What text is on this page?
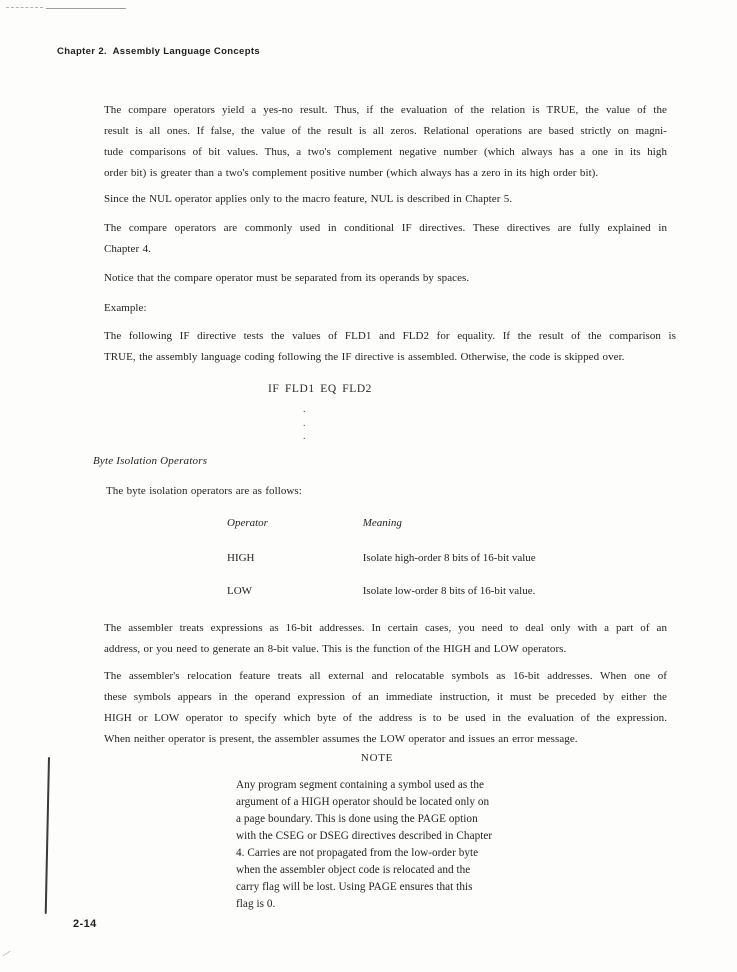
Chapter 2.  Assembly Language Concepts
The compare operators yield a yes-no result. Thus, if the evaluation of the relation is TRUE, the value of the
result is all ones. If false, the value of the result is all zeros. Relational operations are based strictly on magni-
tude comparisons of bit values. Thus, a two's complement negative number (which always has a one in its high
order bit) is greater than a two's complement positive number (which always has a zero in its high order bit).
Since the NUL operator applies only to the macro feature, NUL is described in Chapter 5.
The compare operators are commonly used in conditional IF directives. These directives are fully explained in
Chapter 4.
Notice that the compare operator must be separated from its operands by spaces.
Example:
The following IF directive tests the values of FLD1 and FLD2 for equality. If the result of the comparison is
TRUE, the assembly language coding following the IF directive is assembled. Otherwise, the code is skipped over.
IF FLD1 EQ FLD2
.
.
.
Byte Isolation Operators
The byte isolation operators are as follows:
Operator	Meaning
HIGH	Isolate high-order 8 bits of 16-bit value
LOW	Isolate low-order 8 bits of 16-bit value.
The assembler treats expressions as 16-bit addresses. In certain cases, you need to deal only with a part of an
address, or you need to generate an 8-bit value. This is the function of the HIGH and LOW operators.
The assembler's relocation feature treats all external and relocatable symbols as 16-bit addresses. When one of
these symbols appears in the operand expression of an immediate instruction, it must be preceded by either the
HIGH or LOW operator to specify which byte of the address is to be used in the evaluation of the expression.
When neither operator is present, the assembler assumes the LOW operator and issues an error message.
NOTE
Any program segment containing a symbol used as the
argument of a HIGH operator should be located only on
a page boundary. This is done using the PAGE option
with the CSEG or DSEG directives described in Chapter
4. Carries are not propagated from the low-order byte
when the assembler object code is relocated and the
carry flag will be lost. Using PAGE ensures that this
flag is 0.
2-14
